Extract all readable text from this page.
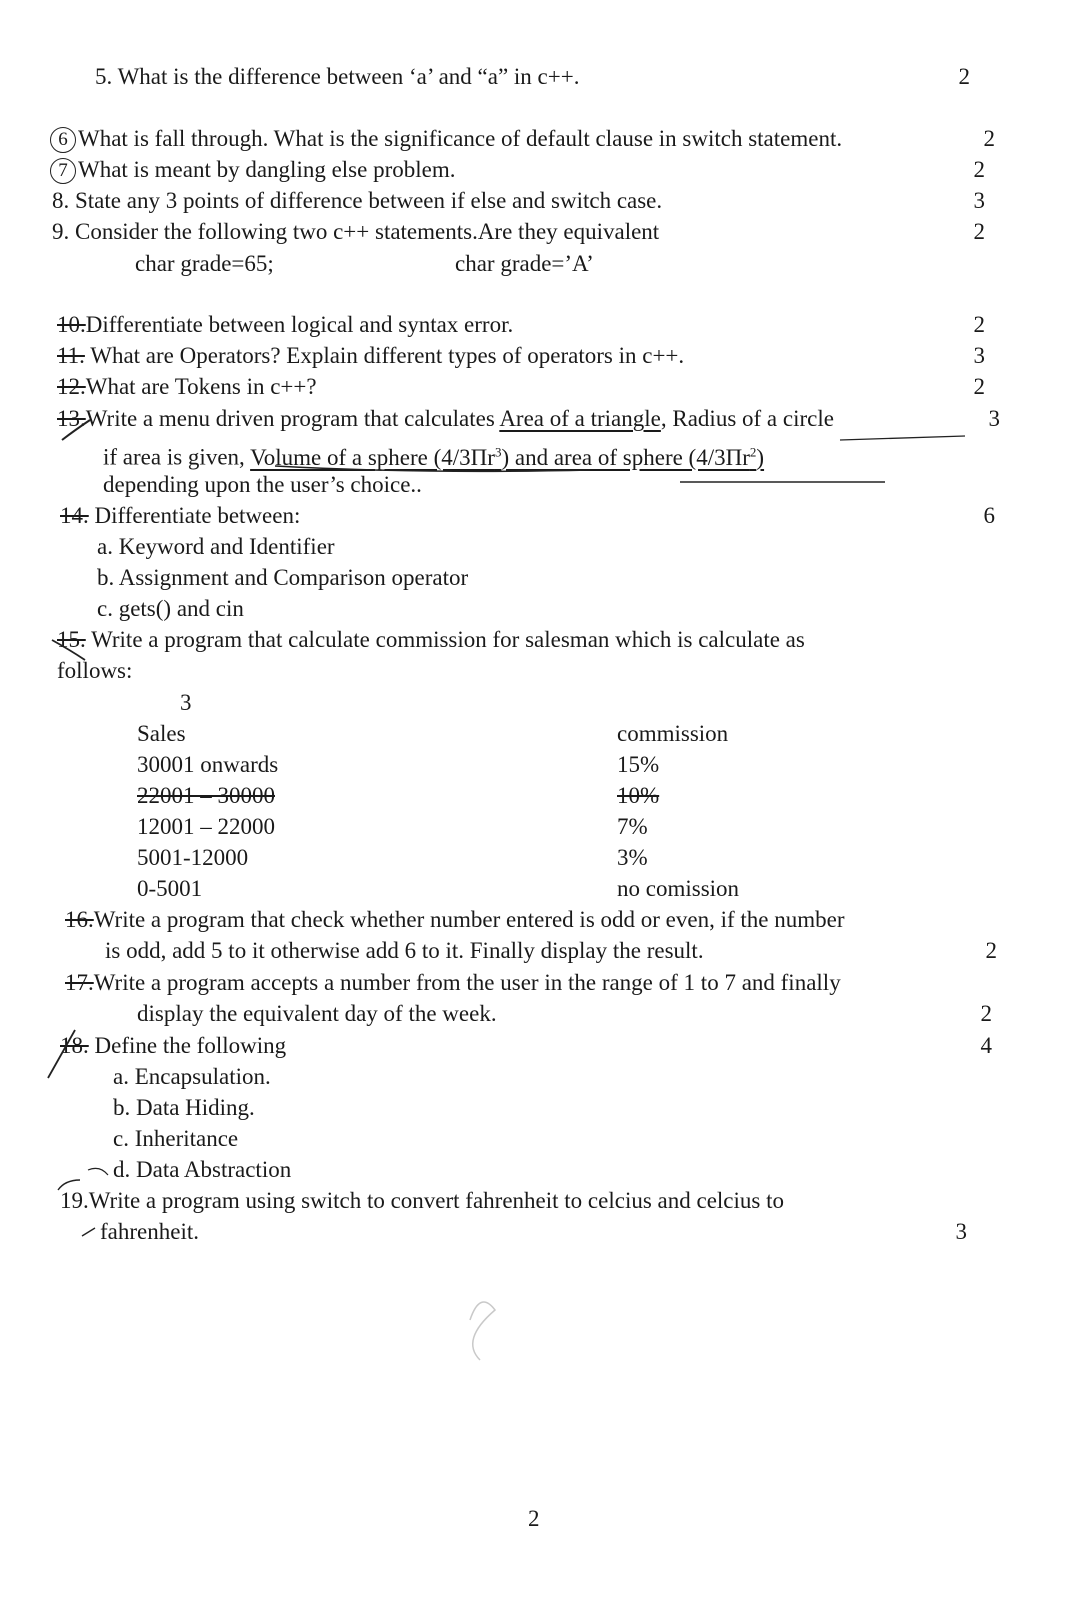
5. What is the difference between ‘a’ and “a” in c++.	2
6 What is fall through. What is the significance of default clause in switch statement.	2
7 What is meant by dangling else problem.	2
8. State any 3 points of difference between if else and switch case.	3
9. Consider the following two c++ statements.Are they equivalent	2
char grade=65;	char grade=’A’
10.Differentiate between logical and syntax error.	2
11. What are Operators? Explain different types of operators in c++.	3
12.What are Tokens in c++?	2
13.Write a menu driven program that calculates Area of a triangle, Radius of a circle	3
if area is given, Volume of a sphere $(4/3\Pi r^3)$ and area of sphere $(4/3\Pi r^2)$
depending upon the user’s choice..
14. Differentiate between:	6
a. Keyword and Identifier
b. Assignment and Comparison operator
c. gets() and cin
15. Write a program that calculate commission for salesman which is calculate as
follows:
3
Sales	commission
30001 onwards	15%
22001 – 30000	10%
12001 – 22000	7%
5001-12000	3%
0-5001	no comission
16.Write a program that check whether number entered is odd or even, if the number
is odd, add 5 to it otherwise add 6 to it. Finally display the result.	2
17.Write a program accepts a number from the user in the range of 1 to 7 and finally
display the equivalent day of the week.	2
18. Define the following	4
a. Encapsulation.
b. Data Hiding.
c. Inheritance
d. Data Abstraction
19.Write a program using switch to convert fahrenheit to celcius and celcius to
fahrenheit.	3
2
